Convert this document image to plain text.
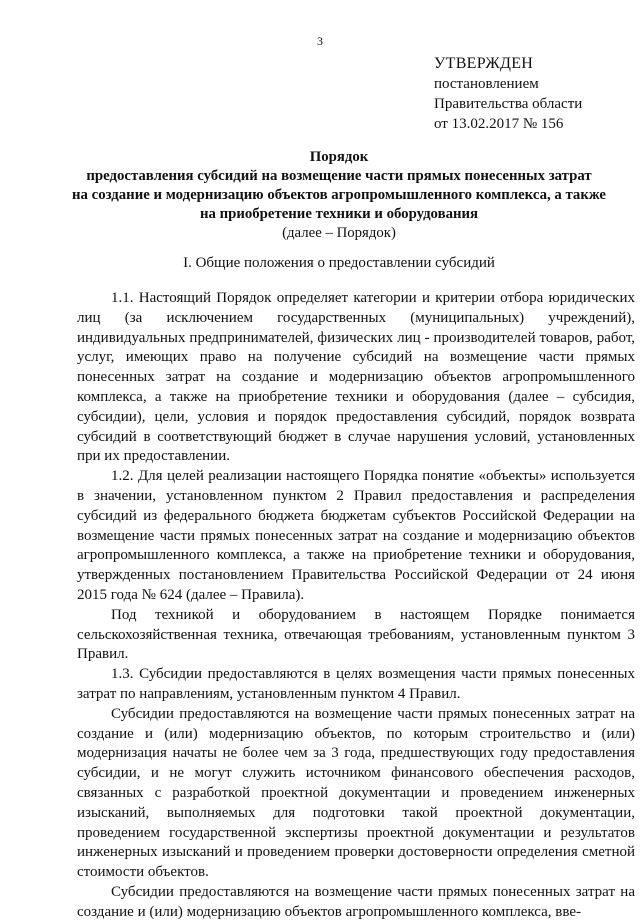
3
УТВЕРЖДЕН
постановлением
Правительства области
от 13.02.2017 № 156
Порядок
предоставления субсидий на возмещение части прямых понесенных затрат
на создание и модернизацию объектов агропромышленного комплекса, а также
на приобретение техники и оборудования
(далее – Порядок)
I. Общие положения о предоставлении субсидий

1.1. Настоящий Порядок определяет категории и критерии отбора юридических лиц (за исключением государственных (муниципальных) учреждений), индивидуальных предпринимателей, физических лиц - производителей товаров, работ, услуг, имеющих право на получение субсидий на возмещение части прямых понесенных затрат на создание и модернизацию объектов агропромышленного комплекса, а также на приобретение техники и оборудования (далее – субсидия, субсидии), цели, условия и порядок предоставления субсидий, порядок возврата субсидий в соответствующий бюджет в случае нарушения условий, установленных при их предоставлении.

1.2. Для целей реализации настоящего Порядка понятие «объекты» используется в значении, установленном пунктом 2 Правил предоставления и распределения субсидий из федерального бюджета бюджетам субъектов Российской Федерации на возмещение части прямых понесенных затрат на создание и модернизацию объектов агропромышленного комплекса, а также на приобретение техники и оборудования, утвержденных постановлением Правительства Российской Федерации от 24 июня 2015 года № 624 (далее – Правила).

Под техникой и оборудованием в настоящем Порядке понимается сельскохозяйственная техника, отвечающая требованиям, установленным пунктом 3 Правил.

1.3. Субсидии предоставляются в целях возмещения части прямых понесенных затрат по направлениям, установленным пунктом 4 Правил.

Субсидии предоставляются на возмещение части прямых понесенных затрат на создание и (или) модернизацию объектов, по которым строительство и (или) модернизация начаты не более чем за 3 года, предшествующих году предоставления субсидии, и не могут служить источником финансового обеспечения расходов, связанных с разработкой проектной документации и проведением инженерных изысканий, выполняемых для подготовки такой проектной документации, проведением государственной экспертизы проектной документации и результатов инженерных изысканий и проведением проверки достоверности определения сметной стоимости объектов.

Субсидии предоставляются на возмещение части прямых понесенных затрат на создание и (или) модернизацию объектов агропромышленного комплекса, вве-
